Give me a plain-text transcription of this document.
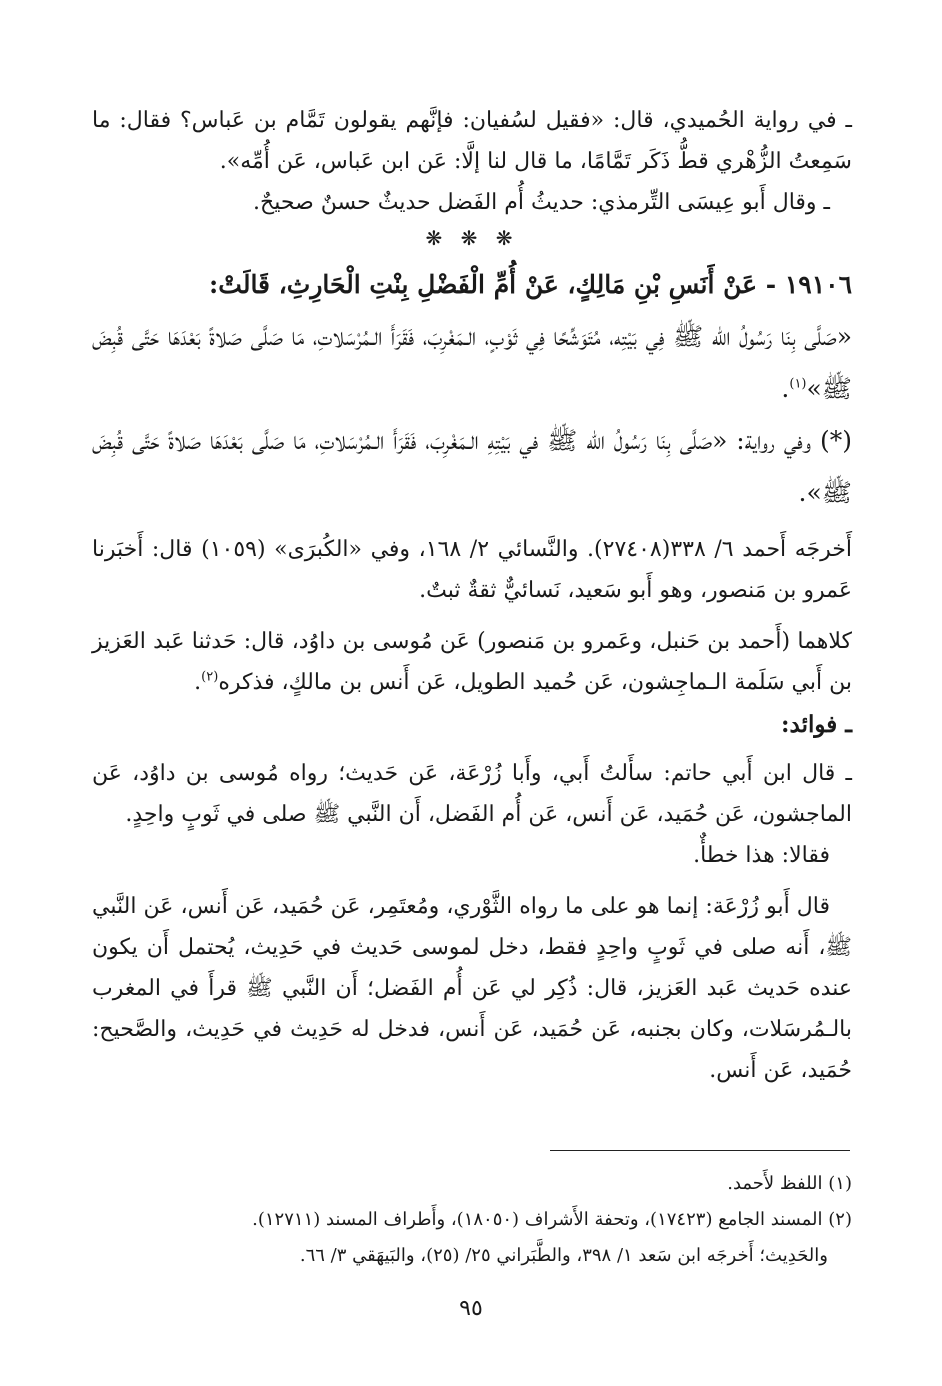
ـ في رواية الحُميدي، قال: «فقيل لسُفيان: فإنَّهم يقولون تَمَّام بن عَباس؟ فقال: ما سَمِعتُ الزُّهْري قطُّ ذَكَر تَمَّامًا، ما قال لنا إلَّا: عَن ابن عَباس، عَن أُمِّه».

ـ وقال أَبو عِيسَى التِّرمذي: حديثُ أُم الفَضل حديثٌ حسنٌ صحيحٌ.

❋ ❋ ❋
١٩١٠٦ - عَنْ أَنَسِ بْنِ مَالِكٍ، عَنْ أُمِّ الْفَضْلِ بِنْتِ الْحَارِثِ، قَالَتْ:

«صَلَّى بِنَا رَسُولُ الله ﷺ فِي بَيْتِه، مُتَوَشِّحًا فِي ثَوْبٍ، الـمَغْرِبَ، فَقَرَأَ الـمُرْسَلاتِ، مَا صَلَّى صَلاةً بَعْدَهَا حَتَّى قُبِضَ ﷺ»$^{(١)}$.

(*) وفي رواية: «صَلَّى بِنَا رَسُولُ الله ﷺ في بَيْتِهِ الـمَغْرِبَ، فَقَرَأَ الـمُرْسَلاتِ، مَا صَلَّى بَعْدَهَا صَلاةً حَتَّى قُبِضَ ﷺ».

أَخرجَه أَحمد ٦/ ٣٣٨(٢٧٤٠٨). والنَّسائي ٢/ ١٦٨، وفي «الكُبرَى» (١٠٥٩) قال: أَخبَرنا عَمرو بن مَنصور، وهو أَبو سَعيد، نَسائيٌّ ثقةٌ ثبتٌ.

كلاهما (أَحمد بن حَنبل، وعَمرو بن مَنصور) عَن مُوسى بن داوُد، قال: حَدثنا عَبد العَزيز بن أَبي سَلَمة الـماجِشون، عَن حُميد الطويل، عَن أَنس بن مالكٍ، فذكره$^{(٢)}$.

ـ فوائد:

ـ قال ابن أَبي حاتم: سأَلتُ أَبي، وأَبا زُرْعَة، عَن حَديث؛ رواه مُوسى بن داوُد، عَن الماجشون، عَن حُمَيد، عَن أَنس، عَن أُم الفَضل، أَن النَّبي ﷺ صلى في ثَوبٍ واحِدٍ.

فقالا: هذا خطأٌ.

قال أَبو زُرْعَة: إنما هو على ما رواه الثَّوْري، ومُعتَمِر، عَن حُمَيد، عَن أَنس، عَن النَّبي ﷺ، أَنه صلى في ثَوبٍ واحِدٍ فقط، دخل لموسى حَديث في حَدِيث، يُحتمل أَن يكون عنده حَديث عَبد العَزيز، قال: ذُكِر لي عَن أُم الفَضل؛ أَن النَّبي ﷺ قرأَ في المغرب بالـمُرسَلات، وكان بجنبه، عَن حُمَيد، عَن أَنس، فدخل له حَدِيث في حَدِيث، والصَّحيح: حُمَيد، عَن أَنس.

(١) اللفظ لأَحمد.

(٢) المسند الجامع (١٧٤٢٣)، وتحفة الأَشراف (١٨٠٥٠)، وأَطراف المسند (١٢٧١١).

والحَدِيث؛ أَخرجَه ابن سَعد ١/ ٣٩٨، والطَّبَراني ٢٥/ (٢٥)، والبَيهَقي ٣/ ٦٦.

٩٥
